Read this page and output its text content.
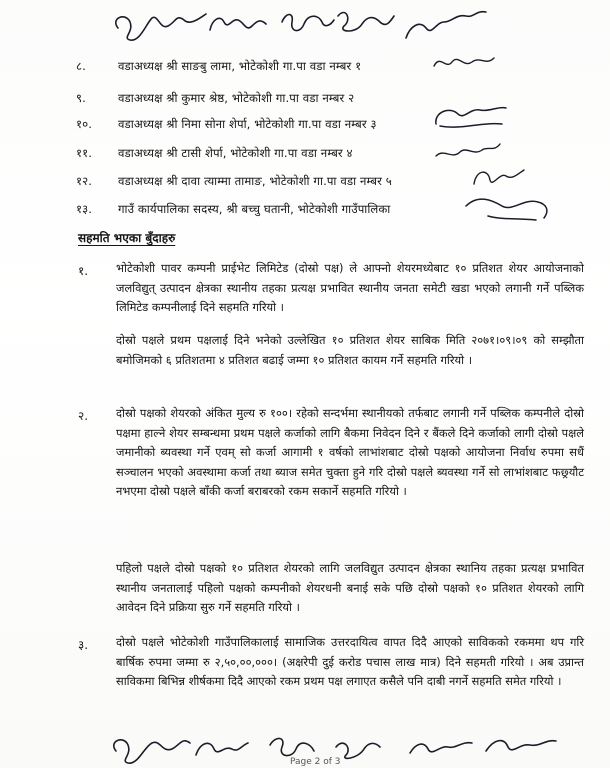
८.	वडाअध्यक्ष श्री साङबु लामा, भोटेकोशी गा.पा वडा नम्बर १
९.	वडाअध्यक्ष श्री कुमार श्रेष्ठ, भोटेकोशी गा.पा वडा नम्बर २
१०.	वडाअध्यक्ष श्री निमा सोना शेर्पा, भोटेकोशी गा.पा वडा नम्बर ३
११.	वडाअध्यक्ष श्री टासी शेर्पा, भोटेकोशी गा.पा वडा नम्बर ४
१२.	वडाअध्यक्ष श्री दावा त्याम्मा तामाङ, भोटेकोशी गा.पा वडा नम्बर ५
१३.	गाउँ कार्यपालिका सदस्य, श्री बच्चु घतानी, भोटेकोशी गाउँपालिका
सहमति भएका बुँदाहरु
१. भोटेकोशी पावर कम्पनी प्राईभेट लिमिटेड (दोस्रो पक्ष) ले आफ्नो शेयरमध्येबाट १० प्रतिशत शेयर आयोजनाको जलविद्युत् उत्पादन क्षेत्रका स्थानीय तहका प्रत्यक्ष प्रभावित स्थानीय जनता समेटी खडा भएको लगानी गर्ने पब्लिक लिमिटेड कम्पनीलाई दिने सहमति गरियो ।
दोस्रो पक्षले प्रथम पक्षलाई दिने भनेको उल्लेखित १० प्रतिशत शेयर साबिक मिति २०७१।०९।०९ को सम्झौता बमोजिमको ६ प्रतिशतमा ४ प्रतिशत बढाई जम्मा १० प्रतिशत कायम गर्ने सहमति गरियो ।
२. दोस्रो पक्षको शेयरको अंकित मुल्य रु १००। रहेको सन्दर्भमा स्थानीयको तर्फबाट लगानी गर्ने पब्लिक कम्पनीले दोस्रो पक्षमा हाल्ने शेयर सम्बन्धमा प्रथम पक्षले कर्जाको लागि बैकमा निवेदन दिने र बैंकले दिने कर्जाको लागी दोस्रो पक्षले जमानीको ब्यवस्था गर्ने एवम् सो कर्जा आगामी १ वर्षको लाभांशबाट दोस्रो पक्षको आयोजना निर्वाध रुपमा सधैं सञ्चालन भएको अवस्थामा कर्जा तथा ब्याज समेत चुक्ता हुने गरि दोस्रो पक्षले ब्यवस्था गर्ने सो लाभांशबाट फछ्र्यौट नभएमा दोस्रो पक्षले बाँकी कर्जा बराबरको रकम सकार्ने सहमति गरियो ।
पहिलो पक्षले दोस्रो पक्षको १० प्रतिशत शेयरको लागि जलविद्युत उत्पादन क्षेत्रका स्थानिय तहका प्रत्यक्ष प्रभावित स्थानीय जनतालाई पहिलो पक्षको कम्पनीको शेयरधनी बनाई सके पछि दोस्रो पक्षको १० प्रतिशत शेयरको लागि आवेदन दिने प्रक्रिया सुरु गर्ने सहमति गरियो ।
३. दोस्रो पक्षले भोटेकोशी गाउँपालिकालाई सामाजिक उत्तरदायित्व वापत दिदै आएको साविकको रकममा थप गरि बार्षिक रुपमा जम्मा रु २,५०,००,०००। (अक्षरेपी दुई करोड पचास लाख मात्र) दिने सहमती गरियो । अब उप्रान्त साविकमा बिभिन्न शीर्षकमा दिदै आएको रकम प्रथम पक्ष लगाएत कसैले पनि दाबी नगर्ने सहमति समेत गरियो ।
Page 2 of 3
